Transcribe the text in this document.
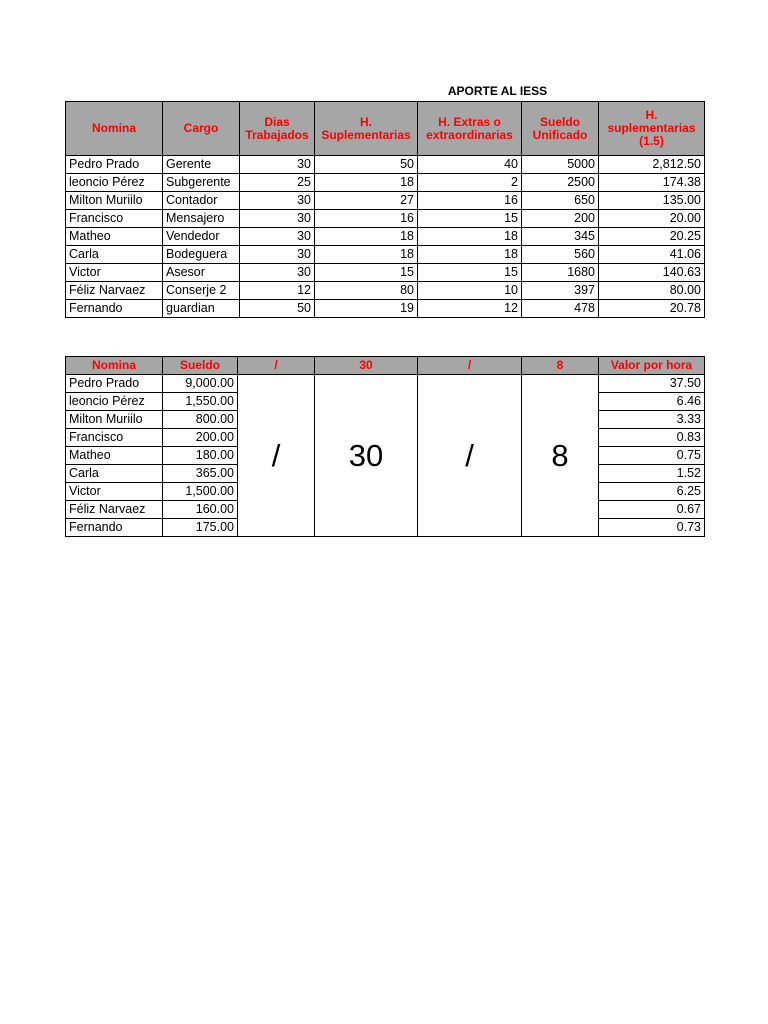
APORTE AL IESS
Nomina	Cargo	Dias Trabajados	H. Suplementarias	H. Extras o extraordinarias	Sueldo Unificado	H. suplementarias (1.5)
Pedro Prado	Gerente	30	50	40	5000	2,812.50
leoncio Pérez	Subgerente	25	18	2	2500	174.38
Milton Muriilo	Contador	30	27	16	650	135.00
Francisco	Mensajero	30	16	15	200	20.00
Matheo	Vendedor	30	18	18	345	20.25
Carla	Bodeguera	30	18	18	560	41.06
Victor	Asesor	30	15	15	1680	140.63
Féliz Narvaez	Conserje 2	12	80	10	397	80.00
Fernando	guardian	50	19	12	478	20.78
Nomina	Sueldo	/	30	/	8	Valor por hora
Pedro Prado	9,000.00	/	30	/	8	37.50
leoncio Pérez	1,550.00					6.46
Milton Muriilo	800.00					3.33
Francisco	200.00					0.83
Matheo	180.00					0.75
Carla	365.00					1.52
Victor	1,500.00					6.25
Féliz Narvaez	160.00					0.67
Fernando	175.00					0.73
